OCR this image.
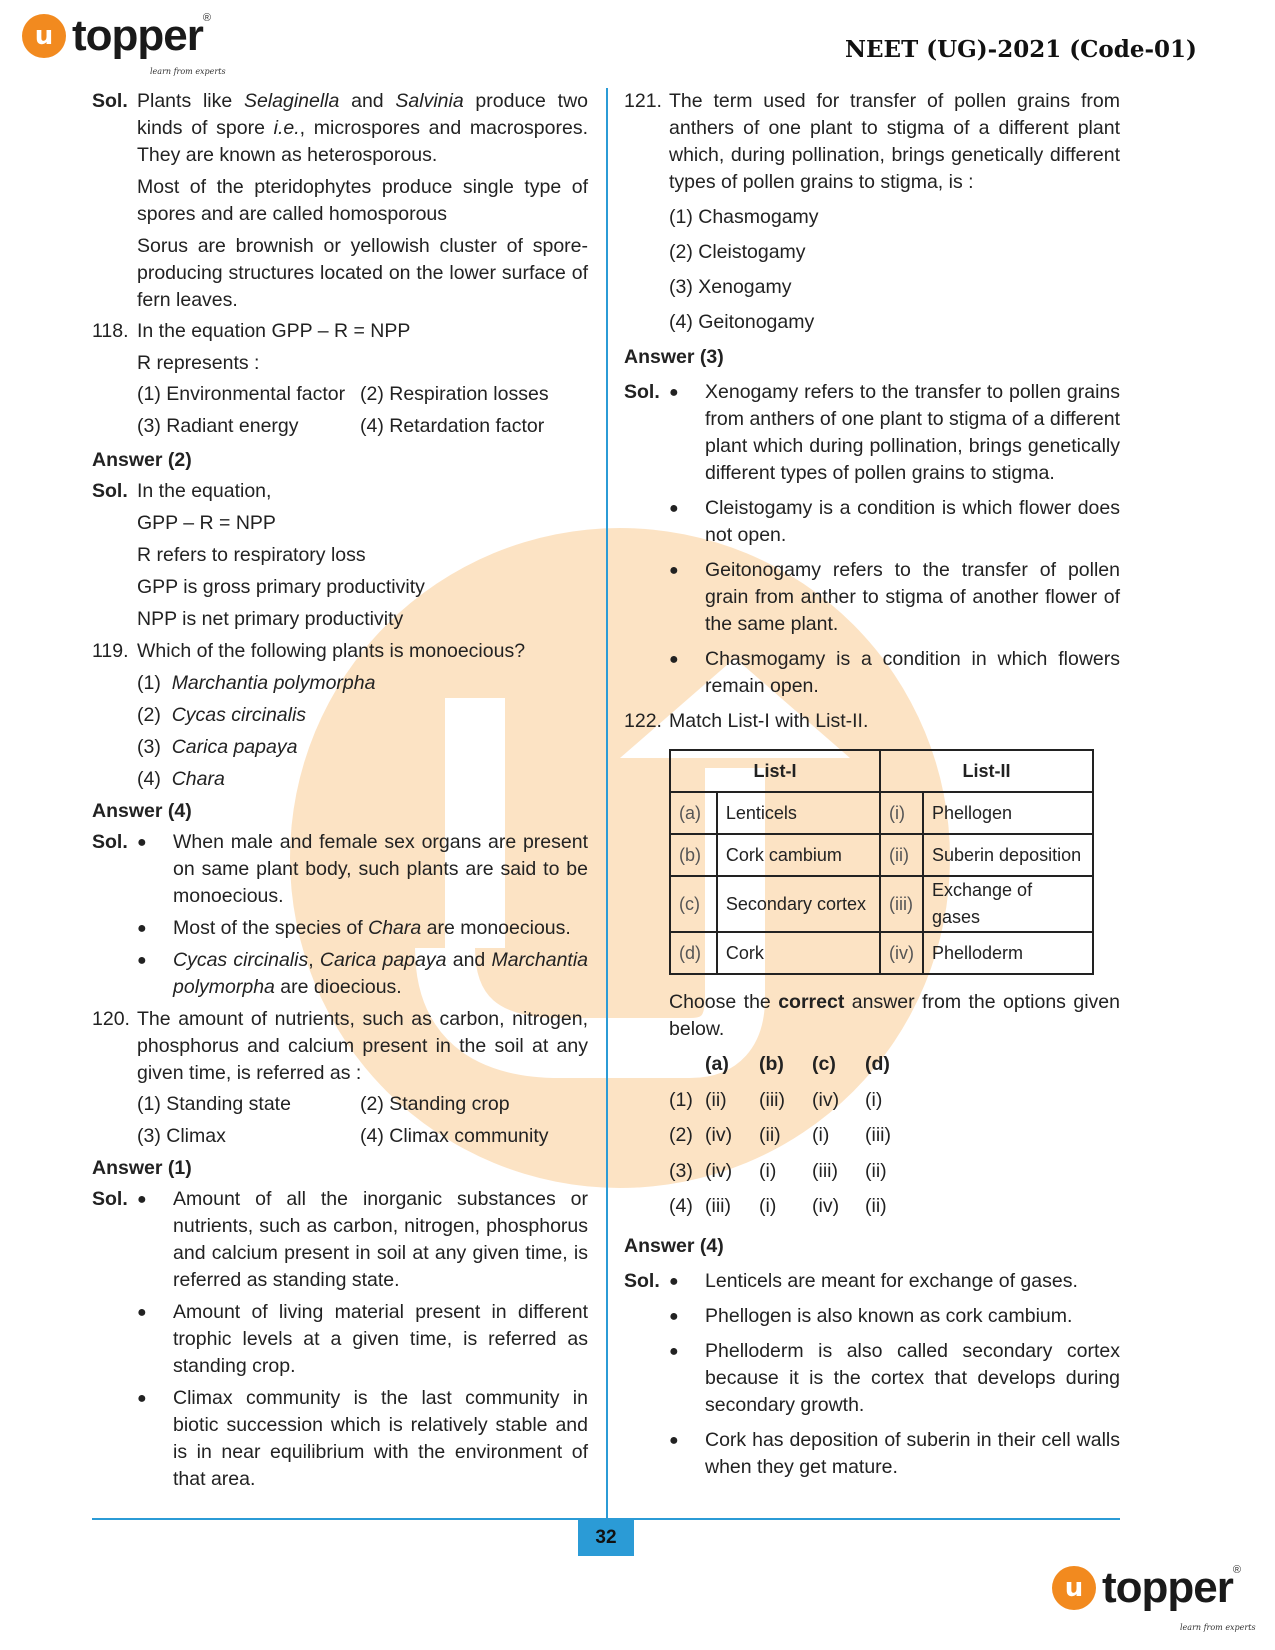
u topper ®
learn from experts
NEET (UG)-2021 (Code-01)
Sol. Plants like Selaginella and Salvinia produce two kinds of spore i.e., microspores and macrospores. They are known as heterosporous.

Most of the pteridophytes produce single type of spores and are called homosporous

Sorus are brownish or yellowish cluster of spore-producing structures located on the lower surface of fern leaves.

118. In the equation GPP – R = NPP

R represents :

(1) Environmental factor (2) Respiration losses
(3) Radiant energy	(4) Retardation factor

Answer (2)

Sol. In the equation,

GPP – R = NPP

R refers to respiratory loss

GPP is gross primary productivity

NPP is net primary productivity

119. Which of the following plants is monoecious?

(1) Marchantia polymorpha

(2) Cycas circinalis

(3) Carica papaya

(4) Chara

Answer (4)

Sol. ● When male and female sex organs are present on same plant body, such plants are said to be monoecious.

● Most of the species of Chara are monoecious.

● Cycas circinalis, Carica papaya and Marchantia polymorpha are dioecious.

120. The amount of nutrients, such as carbon, nitrogen, phosphorus and calcium present in the soil at any given time, is referred as :

(1) Standing state	(2) Standing crop
(3) Climax	(4) Climax community

Answer (1)

Sol. ● Amount of all the inorganic substances or nutrients, such as carbon, nitrogen, phosphorus and calcium present in soil at any given time, is referred as standing state.

● Amount of living material present in different trophic levels at a given time, is referred as standing crop.

● Climax community is the last community in biotic succession which is relatively stable and is in near equilibrium with the environment of that area.

121. The term used for transfer of pollen grains from anthers of one plant to stigma of a different plant which, during pollination, brings genetically different types of pollen grains to stigma, is :

(1) Chasmogamy

(2) Cleistogamy

(3) Xenogamy

(4) Geitonogamy

Answer (3)

Sol. ● Xenogamy refers to the transfer to pollen grains from anthers of one plant to stigma of a different plant which during pollination, brings genetically different types of pollen grains to stigma.

● Cleistogamy is a condition is which flower does not open.

● Geitonogamy refers to the transfer of pollen grain from anther to stigma of another flower of the same plant.

● Chasmogamy is a condition in which flowers remain open.

122. Match List-I with List-II.

List-I		List-II	
(a)	Lenticels	(i)	Phellogen
(b)	Cork cambium	(ii)	Suberin deposition
(c)	Secondary cortex	(iii)	Exchange of gases
(d)	Cork	(iv)	Phelloderm

Choose the correct answer from the options given below.

(a) (b) (c) (d)
(1) (ii) (iii) (iv) (i)
(2) (iv) (ii) (i) (iii)
(3) (iv) (i) (iii) (ii)
(4) (iii) (i) (iv) (ii)

Answer (4)

Sol. ● Lenticels are meant for exchange of gases.

● Phellogen is also known as cork cambium.

● Phelloderm is also called secondary cortex because it is the cortex that develops during secondary growth.

● Cork has deposition of suberin in their cell walls when they get mature.

32
u topper ®
learn from experts
